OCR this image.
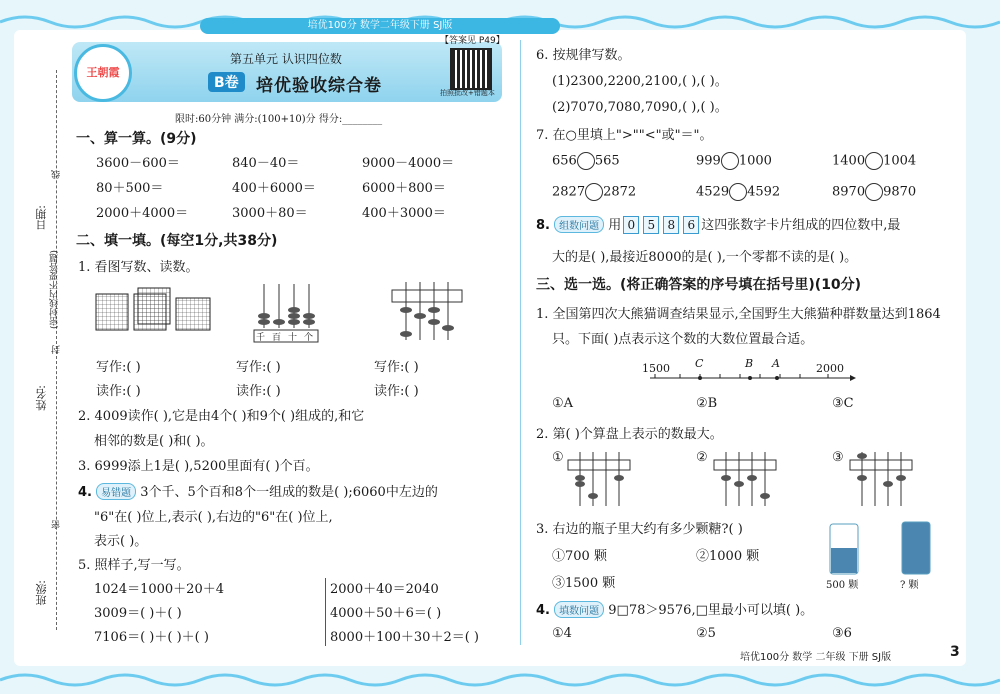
培优100分 数学二年级下册 SJ版
日期:
姓名:
班级:
(密封线内不要答题)
线
封
密
王朝霞
第五单元 认识四位数
B卷	培优验收综合卷
【答案见 P49】
拍照批改+错题本
限时:60分钟 满分:(100+10)分 得分:________
一、算一算。(9分)
3600－600＝	840－40＝	9000－4000＝
80＋500＝	400＋6000＝	6000＋800＝
2000＋4000＝	3000＋80＝	400＋3000＝
二、填一填。(每空1分,共38分)
1. 看图写数、读数。
千百十个
写作:( )	写作:( )	写作:( )
读作:( )	读作:( )	读作:( )
2. 4009读作( ),它是由4个( )和9个( )组成的,和它
相邻的数是( )和( )。
3. 6999添上1是( ),5200里面有( )个百。
4. 易错题 3个千、5个百和8个一组成的数是( );6060中左边的
"6"在( )位上,表示( ),右边的"6"在( )位上,
表示( )。
5. 照样子,写一写。
1024＝1000＋20＋4
3009＝( )＋( )
7106＝( )＋( )＋( )
2000＋40＝2040
4000＋50＋6＝( )
8000＋100＋30＋2＝( )
6. 按规律写数。
(1)2300,2200,2100,( ),( )。
(2)7070,7080,7090,( ),( )。
7. 在○里填上">""<"或"＝"。
656 565	999 1000	1400 1004
2827 2872	4529 4592	8970 9870
8. 组数问题 用 0 5 8 6 这四张数字卡片组成的四位数中,最
大的是( ),最接近8000的是( ),一个零都不读的是( )。
三、选一选。(将正确答案的序号填在括号里)(10分)
1. 全国第四次大熊猫调查结果显示,全国野生大熊猫种群数量达到1864
只。下面( )点表示这个数的大数位置最合适。
1500	2000
C	B A
①A	②B	③C
2. 第( )个算盘上表示的数最大。
①	②	③
3. 右边的瓶子里大约有多少颗糖?( )
①700 颗	②1000 颗
③1500 颗	500 颗	? 颗
4. 填数问题 9□78＞9576,□里最小可以填( )。
①4	②5	③6
培优100分 数学 二年级 下册 SJ版	3
